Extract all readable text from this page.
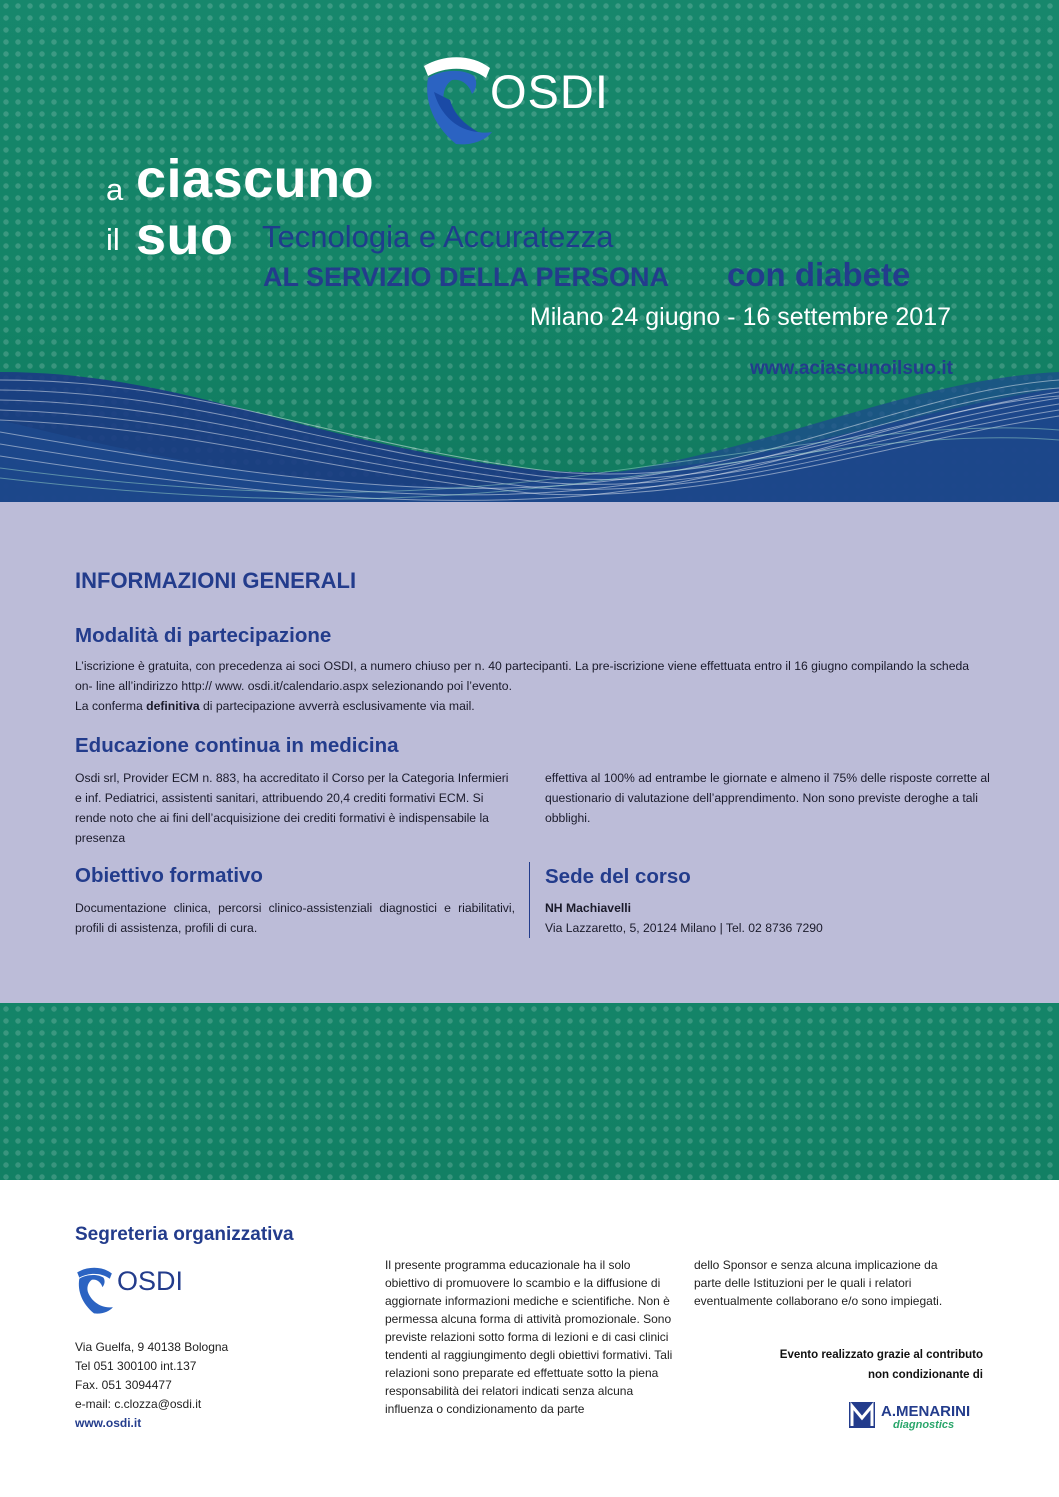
OSDI
a ciascuno
il suo Tecnologia e Accuratezza
AL SERVIZIO DELLA PERSONA con diabete
Milano 24 giugno - 16 settembre 2017
www.aciascunoilsuo.it
INFORMAZIONI GENERALI
Modalità di partecipazione
L’iscrizione è gratuita, con precedenza ai soci OSDI, a numero chiuso per n. 40 partecipanti. La pre-iscrizione viene effettuata entro il 16 giugno compilando la scheda on- line all’indirizzo http:// www. osdi.it/calendario.aspx selezionando poi l’evento.
La conferma definitiva di partecipazione avverrà esclusivamente via mail.
Educazione continua in medicina
Osdi srl, Provider ECM n. 883, ha accreditato il Corso per la Categoria Infermieri e inf. Pediatrici, assistenti sanitari, attribuendo 20,4 crediti formativi ECM. Si rende noto che ai fini dell’acquisizione dei crediti formativi è indispensabile la presenza
effettiva al 100% ad entrambe le giornate e almeno il 75% delle risposte corrette al questionario di valutazione dell’apprendimento. Non sono previste deroghe a tali obblighi.
Obiettivo formativo
Documentazione clinica, percorsi clinico-assistenziali diagnostici e riabilitativi, profili di assistenza, profili di cura.
Sede del corso
NH Machiavelli
Via Lazzaretto, 5, 20124 Milano | Tel. 02 8736 7290
Segreteria organizzativa
OSDI
Via Guelfa, 9 40138 Bologna
Tel 051 300100 int.137
Fax. 051 3094477
e-mail: c.clozza@osdi.it
www.osdi.it
Il presente programma educazionale ha il solo obiettivo di promuovere lo scambio e la diffusione di aggiornate informazioni mediche e scientifiche. Non è permessa alcuna forma di attività promozionale. Sono previste relazioni sotto forma di lezioni e di casi clinici tendenti al raggiungimento degli obiettivi formativi. Tali relazioni sono preparate ed effettuate sotto la piena responsabilità dei relatori indicati senza alcuna influenza o condizionamento da parte
dello Sponsor e senza alcuna implicazione da parte delle Istituzioni per le quali i relatori eventualmente collaborano e/o sono impiegati.
Evento realizzato grazie al contributo
non condizionante di
A.MENARINI
diagnostics
